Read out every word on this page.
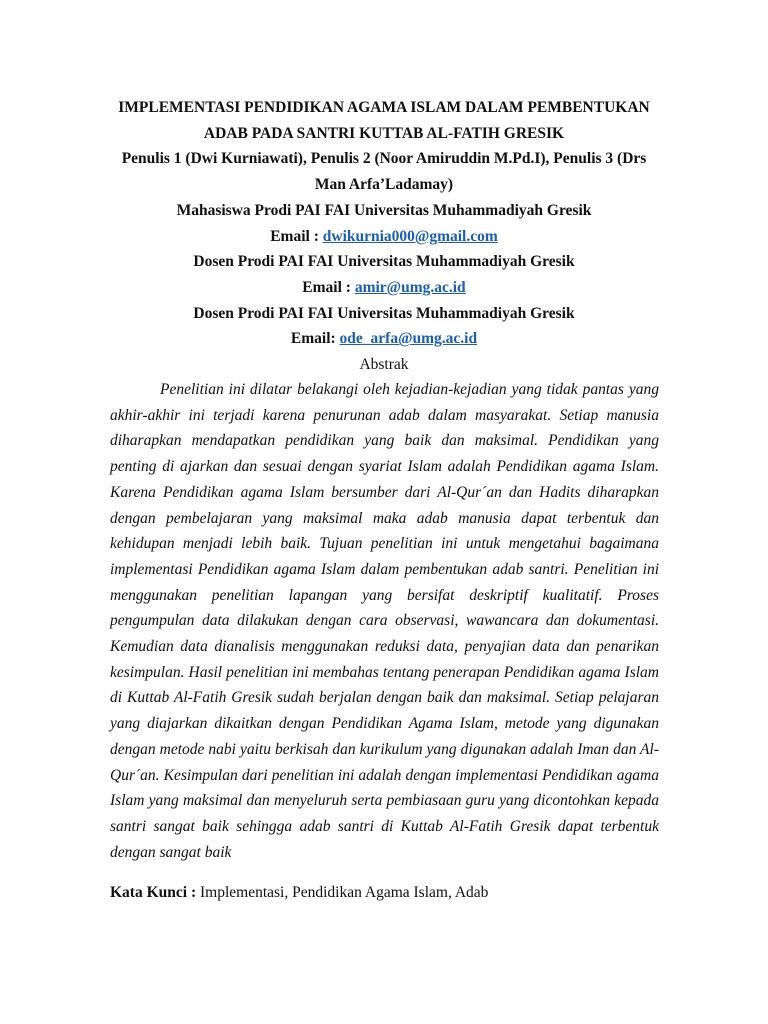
IMPLEMENTASI PENDIDIKAN AGAMA ISLAM DALAM PEMBENTUKAN
ADAB PADA SANTRI KUTTAB AL-FATIH GRESIK
Penulis 1 (Dwi Kurniawati), Penulis 2 (Noor Amiruddin M.Pd.I), Penulis 3 (Drs
Man Arfa’Ladamay)
Mahasiswa Prodi PAI FAI Universitas Muhammadiyah Gresik
Email : dwikurnia000@gmail.com
Dosen Prodi PAI FAI Universitas Muhammadiyah Gresik
Email : amir@umg.ac.id
Dosen Prodi PAI FAI Universitas Muhammadiyah Gresik
Email: ode_arfa@umg.ac.id
Abstrak

Penelitian ini dilatar belakangi oleh kejadian-kejadian yang tidak pantas yang akhir-akhir ini terjadi karena penurunan adab dalam masyarakat. Setiap manusia diharapkan mendapatkan pendidikan yang baik dan maksimal. Pendidikan yang penting di ajarkan dan sesuai dengan syariat Islam adalah Pendidikan agama Islam. Karena Pendidikan agama Islam bersumber dari Al-Qur´an dan Hadits diharapkan dengan pembelajaran yang maksimal maka adab manusia dapat terbentuk dan kehidupan menjadi lebih baik. Tujuan penelitian ini untuk mengetahui bagaimana implementasi Pendidikan agama Islam dalam pembentukan adab santri. Penelitian ini menggunakan penelitian lapangan yang bersifat deskriptif kualitatif. Proses pengumpulan data dilakukan dengan cara observasi, wawancara dan dokumentasi. Kemudian data dianalisis menggunakan reduksi data, penyajian data dan penarikan kesimpulan. Hasil penelitian ini membahas tentang penerapan Pendidikan agama Islam di Kuttab Al-Fatih Gresik sudah berjalan dengan baik dan maksimal. Setiap pelajaran yang diajarkan dikaitkan dengan Pendidikan Agama Islam, metode yang digunakan dengan metode nabi yaitu berkisah dan kurikulum yang digunakan adalah Iman dan Al-Qur´an. Kesimpulan dari penelitian ini adalah dengan implementasi Pendidikan agama Islam yang maksimal dan menyeluruh serta pembiasaan guru yang dicontohkan kepada santri sangat baik sehingga adab santri di Kuttab Al-Fatih Gresik dapat terbentuk dengan sangat baik

Kata Kunci : Implementasi, Pendidikan Agama Islam, Adab
